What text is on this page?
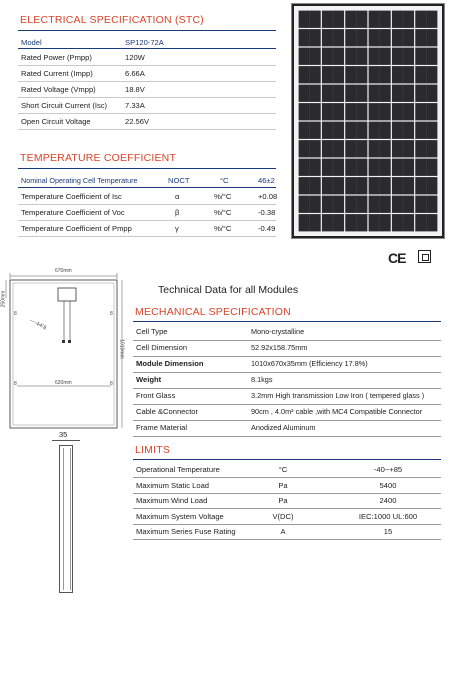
ELECTRICAL SPECIFICATION (STC)
Model	SP120-72A
Rated Power (Pmpp)	120W
Rated Current (Impp)	6.66A
Rated Voltage (Vmpp)	18.8V
Short Circuit Current (Isc) 7.33A
Open Circuit Voltage	22.56V
TEMPERATURE COEFFICIENT
Nominal Operating Cell Temperature	NOCT	°C	46±2
Temperature Coefficient of Isc	α	%/°C	+0.08
Temperature Coefficient of Voc	β	%/°C	-0.38
Temperature Coefficient of Pmpp	γ	%/°C	-0.49
CE
670mm
250mm
1010mm
620mm
14°9
8	8
8	8
35
Technical Data for all Modules
MECHANICAL SPECIFICATION
Cell Type	Mono-crystalline
Cell Dimension	52.92x158.75mm
Module Dimension	1010x670x35mm (Efficiency 17.8%)
Weight	8.1kgs
Front Glass	3.2mm High transmission Low Iron ( tempered glass )
Cable &Connector	90cm , 4.0m² cable ,with MC4 Compatible Connector
Frame Material	Anodized Aluminum
LIMITS
Operational Temperature	°C	-40~+85
Maximum Static Load	Pa	5400
Maximum Wind Load	Pa	2400
Maximum System Voltage	V(DC)	IEC:1000 UL:600
Maximum Series Fuse Rating	A	15
